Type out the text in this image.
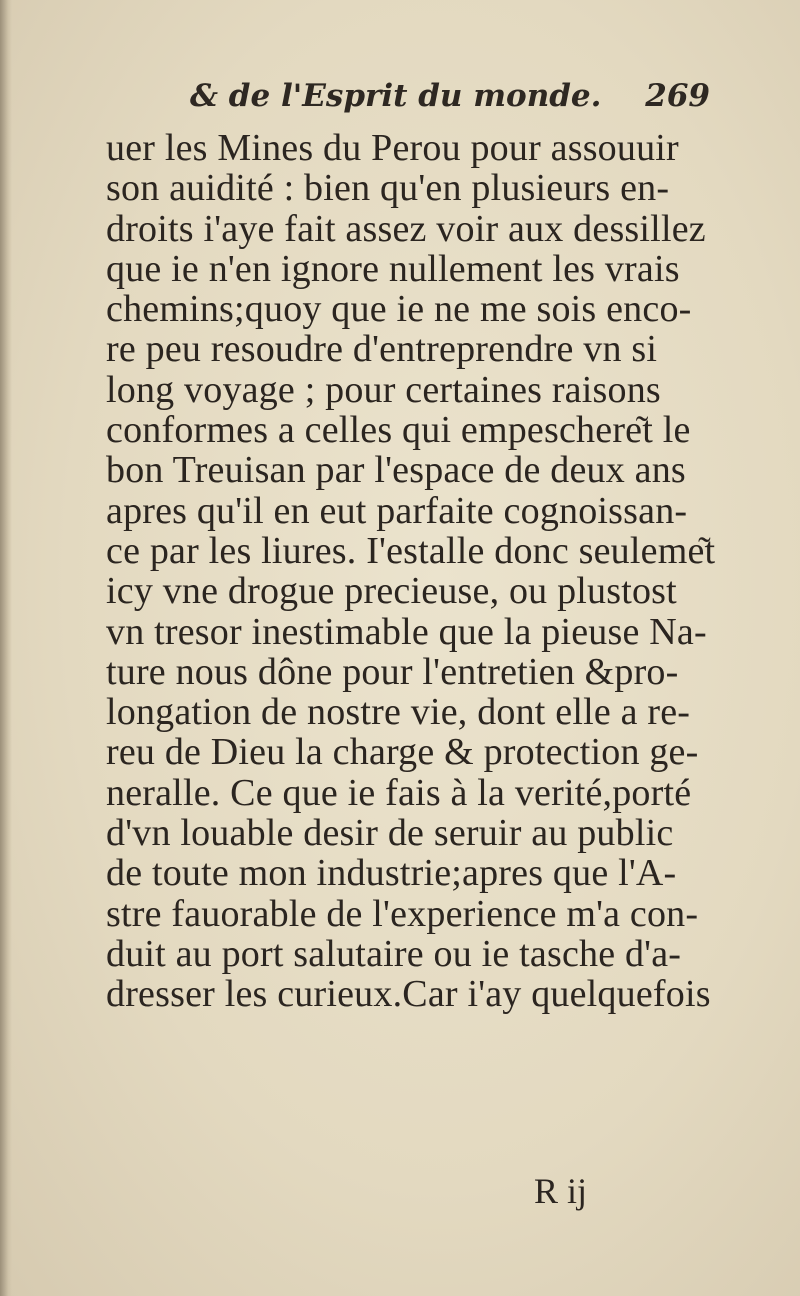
& de l'Esprit du monde. 269
uer les Mines du Perou pour assouuir
son auidité : bien qu'en plusieurs en-
droits i'aye fait assez voir aux dessillez
que ie n'en ignore nullement les vrais
chemins;quoy que ie ne me sois enco-
re peu resoudre d'entreprendre vn si
long voyage ; pour certaines raisons
conformes a celles qui empeschere͂t le
bon Treuisan par l'espace de deux ans
apres qu'il en eut parfaite cognoissan-
ce par les liures. I'estalle donc seuleme͂t
icy vne drogue precieuse, ou plustost
vn tresor inestimable que la pieuse Na-
ture nous dône pour l'entretien &pro-
longation de nostre vie, dont elle a re-
reu de Dieu la charge & protection ge-
neralle. Ce que ie fais à la verité,porté
d'vn louable desir de seruir au public
de toute mon industrie;apres que l'A-
stre fauorable de l'experience m'a con-
duit au port salutaire ou ie tasche d'a-
dresser les curieux.Car i'ay quelquefois
R ij
